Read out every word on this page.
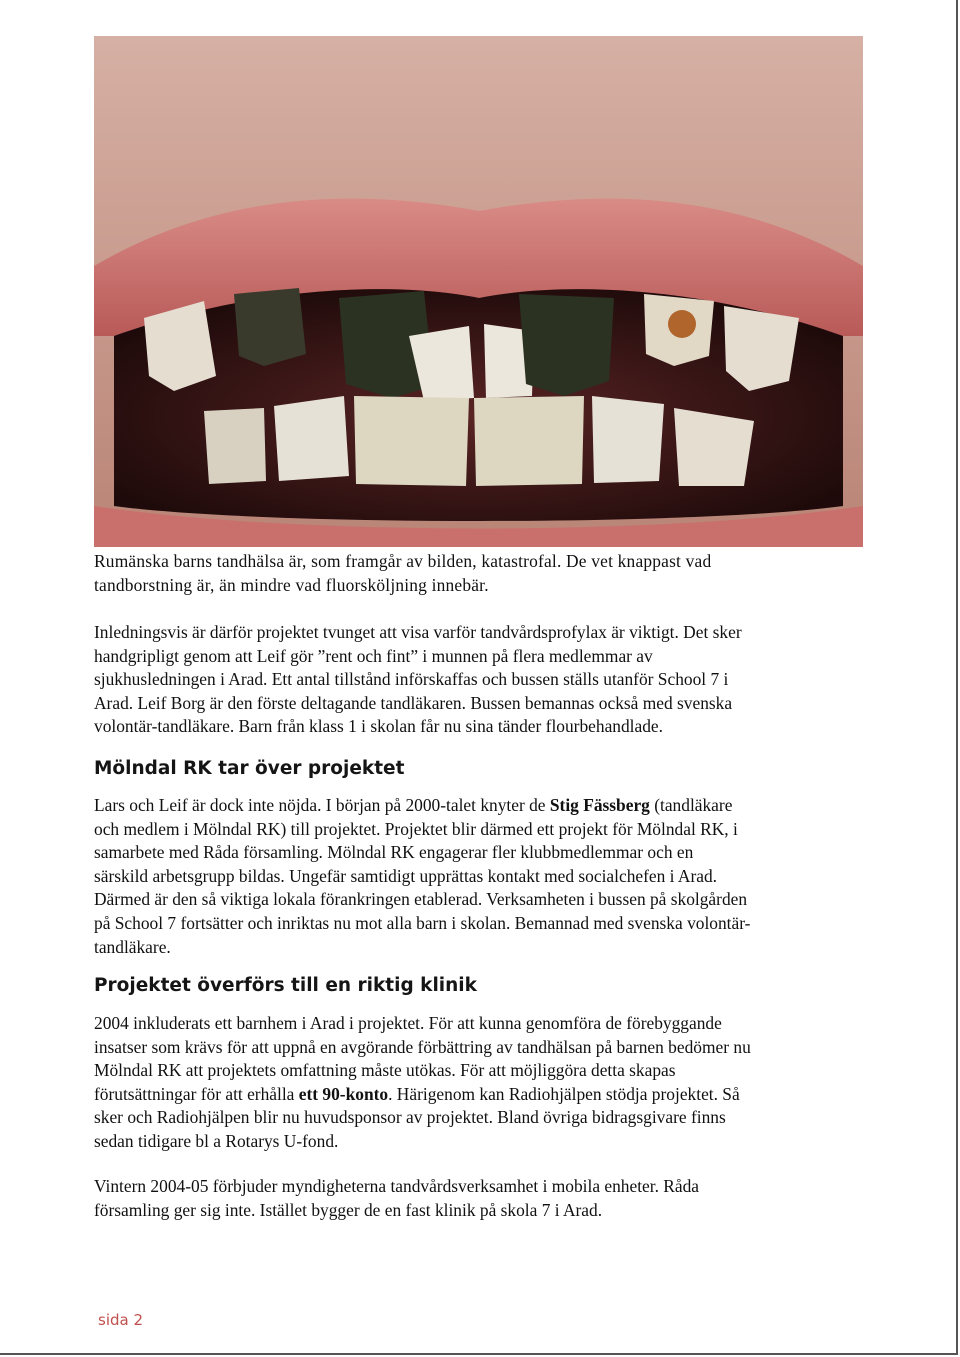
Rumänska barns tandhälsa är, som framgår av bilden, katastrofal. De vet knappast vad

tandborstning är, än mindre vad fluorsköljning innebär.

Inledningsvis är därför projektet tvunget att visa varför tandvårdsprofylax är viktigt. Det sker

handgripligt genom att Leif gör ”rent och fint” i munnen på flera medlemmar av

sjukhusledningen i Arad. Ett antal tillstånd införskaffas och bussen ställs utanför School 7 i

Arad. Leif Borg är den förste deltagande tandläkaren. Bussen bemannas också med svenska

volontär-tandläkare. Barn från klass 1 i skolan får nu sina tänder flourbehandlade.

Mölndal RK tar över projektet

Lars och Leif är dock inte nöjda. I början på 2000-talet knyter de Stig Fässberg (tandläkare

och medlem i Mölndal RK) till projektet. Projektet blir därmed ett projekt för Mölndal RK, i

samarbete med Råda församling. Mölndal RK engagerar fler klubbmedlemmar och en

särskild arbetsgrupp bildas. Ungefär samtidigt upprättas kontakt med socialchefen i Arad.

Därmed är den så viktiga lokala förankringen etablerad. Verksamheten i bussen på skolgården

på School 7 fortsätter och inriktas nu mot alla barn i skolan. Bemannad med svenska volontär-

tandläkare.

Projektet överförs till en riktig klinik

2004 inkluderats ett barnhem i Arad i projektet. För att kunna genomföra de förebyggande

insatser som krävs för att uppnå en avgörande förbättring av tandhälsan på barnen bedömer nu

Mölndal RK att projektets omfattning måste utökas. För att möjliggöra detta skapas

förutsättningar för att erhålla ett 90-konto. Härigenom kan Radiohjälpen stödja projektet. Så

sker och Radiohjälpen blir nu huvudsponsor av projektet. Bland övriga bidragsgivare finns

sedan tidigare bl a Rotarys U-fond.

Vintern 2004-05 förbjuder myndigheterna tandvårdsverksamhet i mobila enheter. Råda

församling ger sig inte. Istället bygger de en fast klinik på skola 7 i Arad.

sida 2
